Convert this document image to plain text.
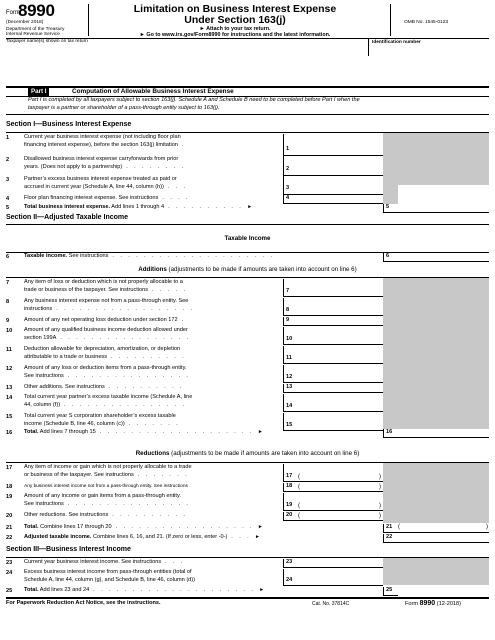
Form
8990
(December 2018)
Department of the Treasury
Internal Revenue Service
Limitation on Business Interest Expense
Under Section 163(j)
► Attach to your tax return.
► Go to www.irs.gov/Form8990 for instructions and the latest information.
OMB No. 1545-0123
Taxpayer name(s) shown on tax return	Identification number
Part I	Computation of Allowable Business Interest Expense
Part I is completed by all taxpayers subject to section 163(j). Schedule A and Schedule B need to be completed before Part I when the
taxpayer is a partner or shareholder of a pass-through entity subject to 163(j).
Section I—Business Interest Expense
1	Current year business interest expense (not including floor plan
financing interest expense), before the section 163(j) limitation .
1
2	Disallowed business interest expense carryforwards from prior
years. (Does not apply to a partnership) . . . . . . . .	2
3	Partner’s excess business interest expense treated as paid or
accrued in current year (Schedule A, line 44, column (h)) . . .	3
4	Floor plan financing interest expense. See instructions . . . .	4
5	Total business interest expense. Add lines 1 through 4 . . . . . . . . . . ►	5
Section II—Adjusted Taxable Income
Taxable Income
6	Taxable income. See instructions . . . . . . . . . . . . . . . . . . . . .	6
Additions (adjustments to be made if amounts are taken into account on line 6)
7	Any item of loss or deduction which is not properly allocable to a
trade or business of the taxpayer. See instructions . . . . .	7
8	Any business interest expense not from a pass-through entity. See
instructions . . . . . . . . . . . . . . . . . .	8
9	Amount of any net operating loss deduction under section 172 .	9
10 Amount of any qualified business income deduction allowed under
section 199A . . . . . . . . . . . . . . . . .	10
11 Deduction allowable for depreciation, amortization, or depletion
attributable to a trade or business . . . . . . . . . .	11
12 Amount of any loss or deduction items from a pass-through entity.
See instructions . . . . . . . . . . . . . . . .	12
13 Other additions. See instructions . . . . . . . . . .	13
14 Total current year partner’s excess taxable income (Schedule A, line
44, column (f)) . . . . . . . . . . . . . . . .	14
15 Total current year S corporation shareholder’s excess taxable
income (Schedule B, line 46, column (c)) . . . . . . .	15
16 Total. Add lines 7 through 15 . . . . . . . . . . . . . . . . . . . . ►	16
Reductions (adjustments to be made if amounts are taken into account on line 6)
17 Any item of income or gain which is not properly allocable to a trade
or business of the taxpayer. See instructions . . . . . . .	17 (	)
18 Any business interest income not from a pass-through entity. See instructions	18 (	)
19 Amount of any income or gain items from a pass-through entity.
See instructions . . . . . . . . . . . . . . . .	19 (	)
20 Other reductions. See instructions . . . . . . . . . .	20 (	)
21 Total. Combine lines 17 through 20 . . . . . . . . . . . . . . . . . . ►	21 (	)
22 Adjusted taxable income. Combine lines 6, 16, and 21. (If zero or less, enter -0-) . . . ►	22
Section III—Business Interest Income
23 Current year business interest income. See instructions . . .	23
24 Excess business interest income from pass-through entities (total of
Schedule A, line 44, column (g), and Schedule B, line 46, column (d))	24
25 Total. Add lines 23 and 24 . . . . . . . . . . . . . . . . . . . . . ►	25
For Paperwork Reduction Act Notice, see the instructions.	Cat. No. 37814C	Form 8990 (12-2018)
